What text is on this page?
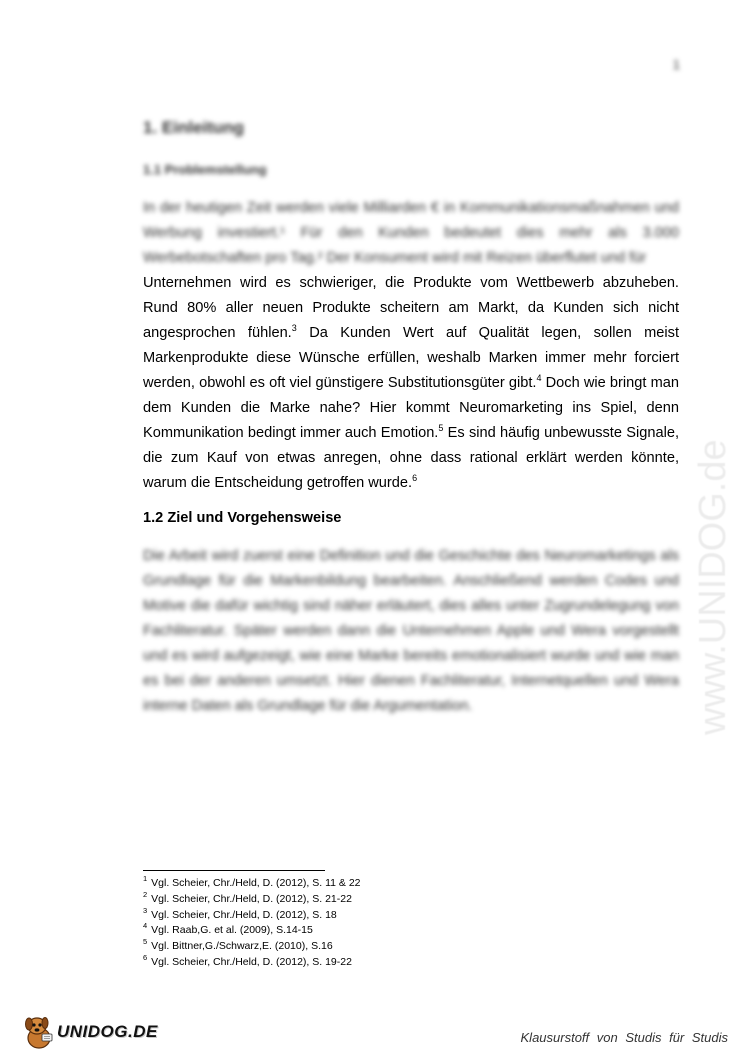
1
1. Einleitung
1.1 Problemstellung

In der heutigen Zeit werden viele Milliarden € in Kommunikationsmaßnahmen und Werbung investiert.¹ Für den Kunden bedeutet dies mehr als 3.000 Werbebotschaften pro Tag.² Der Konsument wird mit Reizen überflutet und für

Unternehmen wird es schwieriger, die Produkte vom Wettbewerb abzuheben. Rund 80% aller neuen Produkte scheitern am Markt, da Kunden sich nicht angesprochen fühlen.$^3$ Da Kunden Wert auf Qualität legen, sollen meist Markenprodukte diese Wünsche erfüllen, weshalb Marken immer mehr forciert werden, obwohl es oft viel günstigere Substitutionsgüter gibt.$^4$ Doch wie bringt man dem Kunden die Marke nahe? Hier kommt Neuromarketing ins Spiel, denn Kommunikation bedingt immer auch Emotion.$^5$ Es sind häufig unbewusste Signale, die zum Kauf von etwas anregen, ohne dass rational erklärt werden könnte, warum die Entscheidung getroffen wurde.$^6$

1.2 Ziel und Vorgehensweise

Die Arbeit wird zuerst eine Definition und die Geschichte des Neuromarketings als Grundlage für die Markenbildung bearbeiten. Anschließend werden Codes und Motive die dafür wichtig sind näher erläutert, dies alles unter Zugrundelegung von Fachliteratur. Später werden dann die Unternehmen Apple und Wera vorgestellt und es wird aufgezeigt, wie eine Marke bereits emotionalisiert wurde und wie man es bei der anderen umsetzt. Hier dienen Fachliteratur, Internetquellen und Wera interne Daten als Grundlage für die Argumentation.	www.UNIDOG.de
$^1$ Vgl. Scheier, Chr./Held, D. (2012), S. 11 & 22
$^2$ Vgl. Scheier, Chr./Held, D. (2012), S. 21-22
$^3$ Vgl. Scheier, Chr./Held, D. (2012), S. 18
$^4$ Vgl. Raab,G. et al. (2009), S.14-15
$^5$ Vgl. Bittner,G./Schwarz,E. (2010), S.16
$^6$ Vgl. Scheier, Chr./Held, D. (2012), S. 19-22
UNIDOG.DE	Klausurstoff von Studis für Studis
